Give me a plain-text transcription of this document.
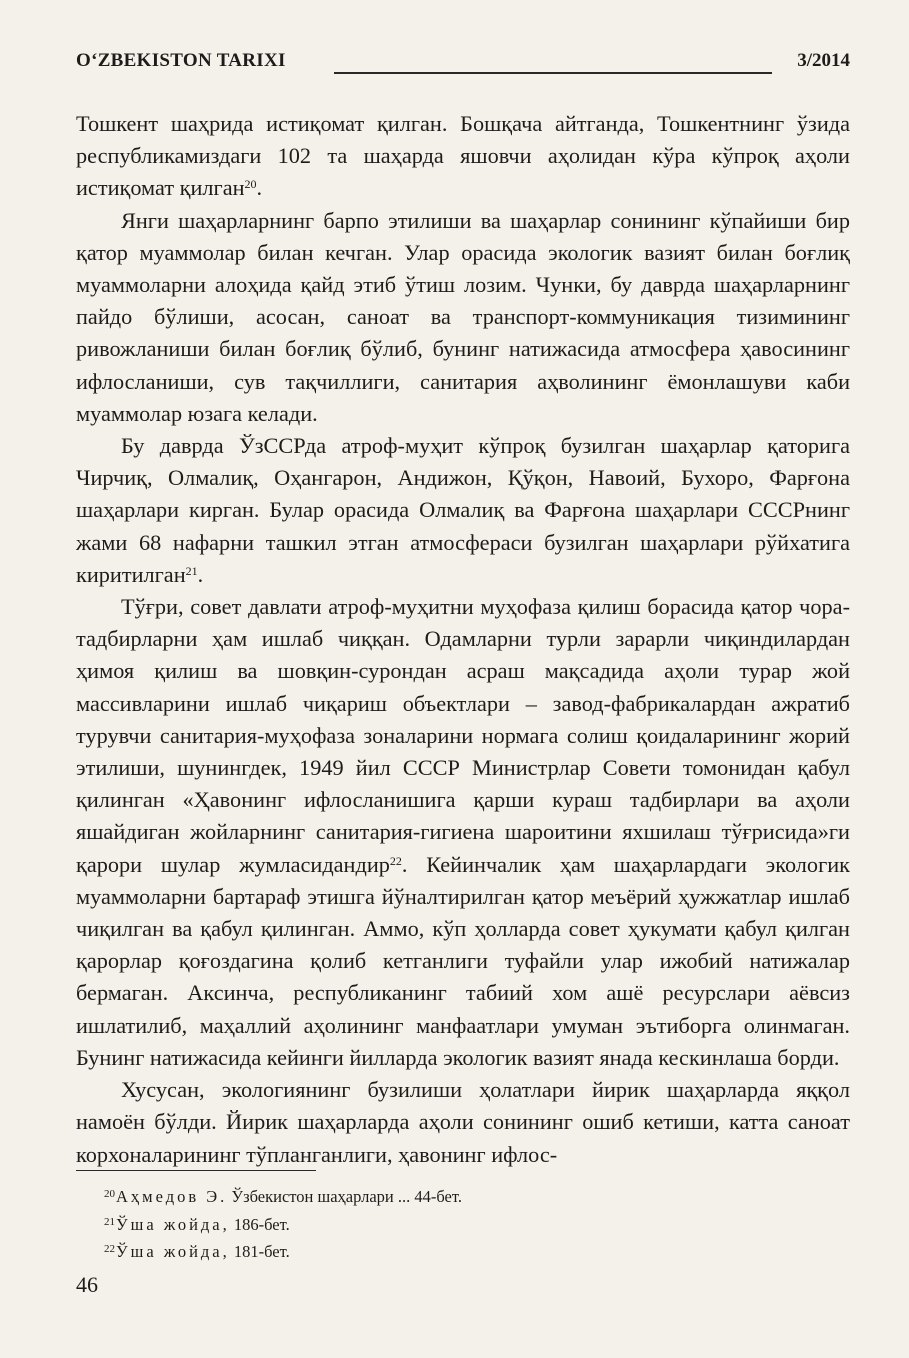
O‘ZBEKISTON TARIXI	3/2014

Тошкент шаҳрида истиқомат қилган. Бошқача айтганда, Тошкентнинг ўзида республикамиздаги 102 та шаҳарда яшовчи аҳолидан кўра кўпроқ аҳоли истиқомат қилган$^{20}$.

Янги шаҳарларнинг барпо этилиши ва шаҳарлар сонининг кўпайиши бир қатор муаммолар билан кечган. Улар орасида экологик вазият билан боғлиқ муаммоларни алоҳида қайд этиб ўтиш лозим. Чунки, бу даврда шаҳарларнинг пайдо бўлиши, асосан, саноат ва транспорт-коммуникация тизимининг ривожланиши билан боғлиқ бўлиб, бунинг натижасида атмосфера ҳавосининг ифлосланиши, сув тақчиллиги, санитария аҳволининг ёмонлашуви каби муаммолар юзага келади.

Бу даврда ЎзССРда атроф-муҳит кўпроқ бузилган шаҳарлар қаторига Чирчиқ, Олмалиқ, Оҳангарон, Андижон, Қўқон, Навоий, Бухоро, Фарғона шаҳарлари кирган. Булар орасида Олмалиқ ва Фарғона шаҳарлари СССРнинг жами 68 нафарни ташкил этган атмосфераси бузилган шаҳарлари рўйхатига киритилган$^{21}$.

Тўғри, совет давлати атроф-муҳитни муҳофаза қилиш борасида қатор чора-тадбирларни ҳам ишлаб чиққан. Одамларни турли зарарли чиқиндилардан ҳимоя қилиш ва шовқин-сурондан асраш мақсадида аҳоли турар жой массивларини ишлаб чиқариш объектлари – завод-фабрикалардан ажратиб турувчи санитария-муҳофаза зоналарини нормага солиш қоидаларининг жорий этилиши, шунингдек, 1949 йил СССР Министрлар Совети томонидан қабул қилинган «Ҳавонинг ифлосланишига қарши кураш тадбирлари ва аҳоли яшайдиган жойларнинг санитария-гигиена шароитини яхшилаш тўғрисида»ги қарори шулар жумласидандир$^{22}$. Кейинчалик ҳам шаҳарлардаги экологик муаммоларни бартараф этишга йўналтирилган қатор меъёрий ҳужжатлар ишлаб чиқилган ва қабул қилинган. Аммо, кўп ҳолларда совет ҳукумати қабул қилган қарорлар қоғоздагина қолиб кетганлиги туфайли улар ижобий натижалар бермаган. Аксинча, республиканинг табиий хом ашё ресурслари аёвсиз ишлатилиб, маҳаллий аҳолининг манфаатлари умуман эътиборга олинмаган. Бунинг натижасида кейинги йилларда экологик вазият янада кескинлаша борди.

Хусусан, экологиянинг бузилиши ҳолатлари йирик шаҳарларда яққол намоён бўлди. Йирик шаҳарларда аҳоли сонининг ошиб кетиши, катта саноат корхоналарининг тўпланганлиги, ҳавонинг ифлос-

$^{20}$Аҳмедов Э. Ўзбекистон шаҳарлари ... 44-бет.
$^{21}$Ўша жойда, 186-бет.
$^{22}$Ўша жойда, 181-бет.
46
